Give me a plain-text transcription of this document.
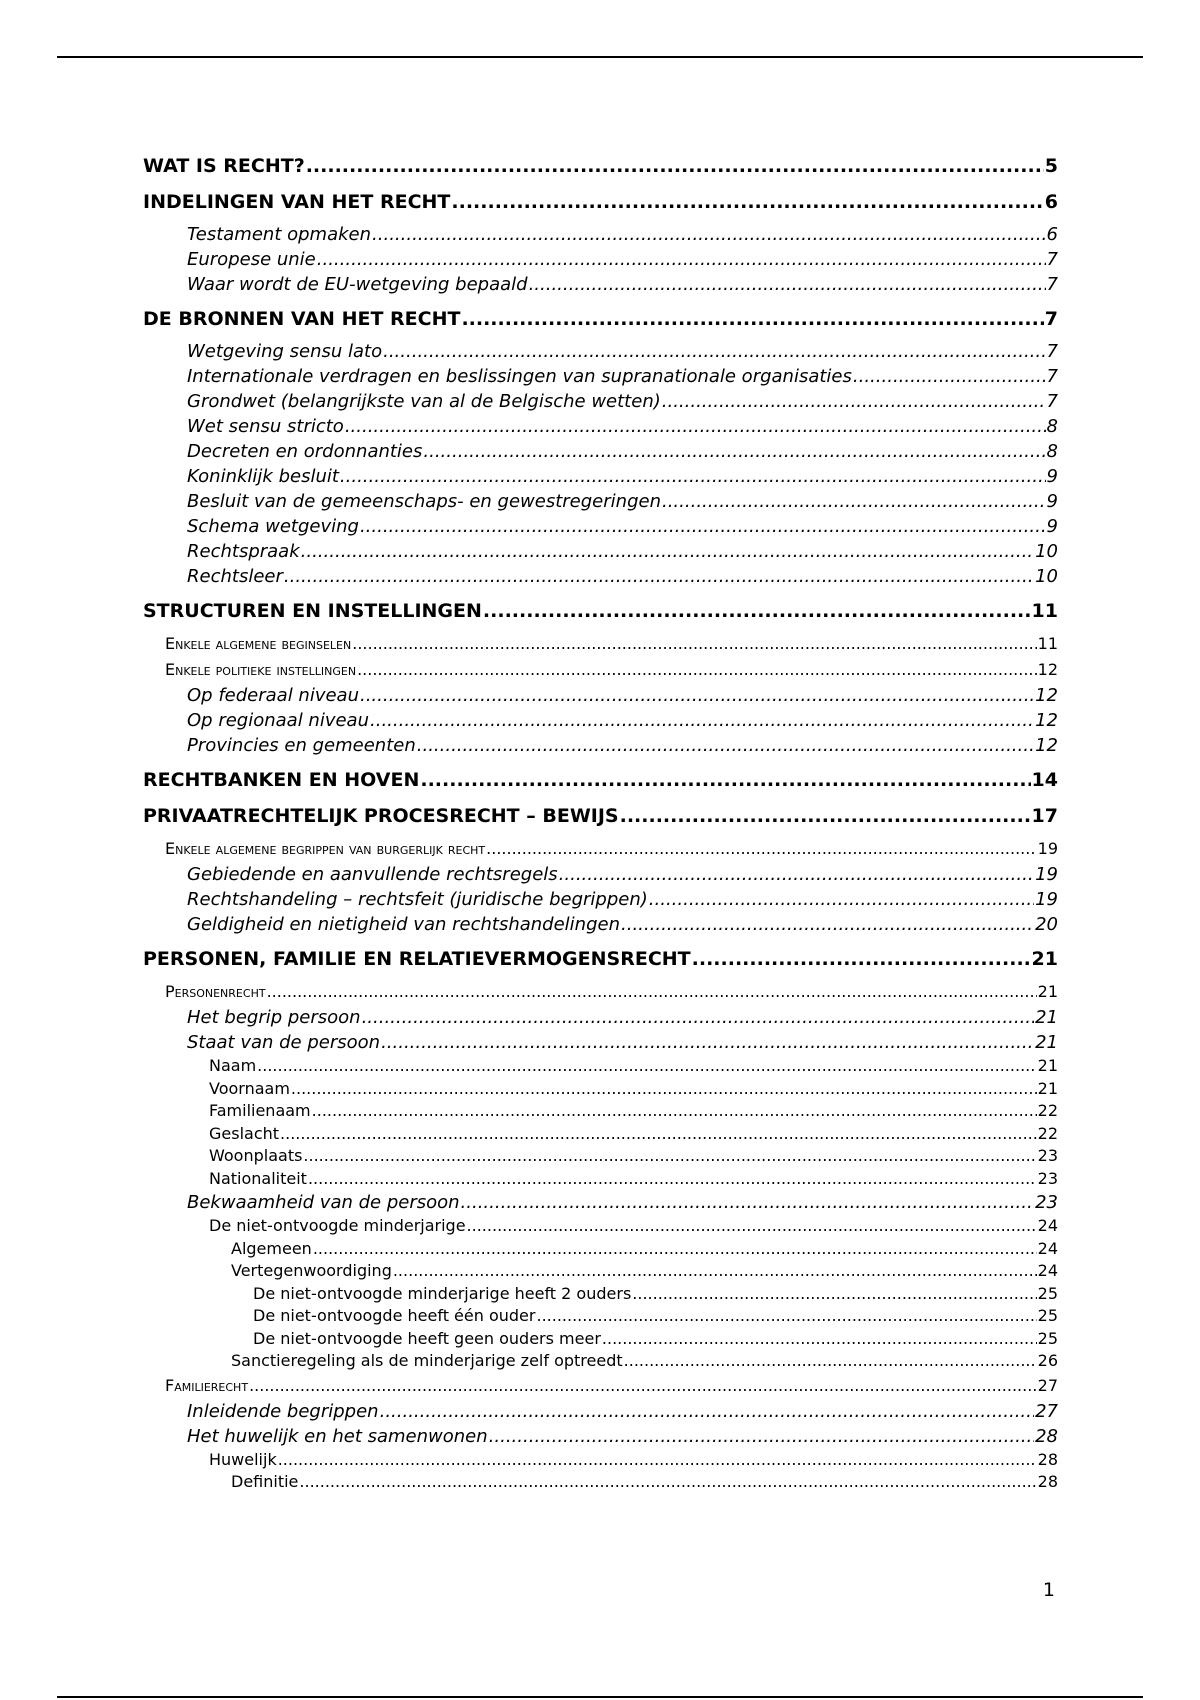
WAT IS RECHT? .....	5
INDELINGEN VAN HET RECHT .....	6
Testament opmaken .....	6
Europese unie .....	7
Waar wordt de EU-wetgeving bepaald .....	7
DE BRONNEN VAN HET RECHT .....	7
Wetgeving sensu lato .....	7
Internationale verdragen en beslissingen van supranationale organisaties .....	7
Grondwet (belangrijkste van al de Belgische wetten) .....	7
Wet sensu stricto .....	8
Decreten en ordonnanties .....	8
Koninklijk besluit .....	9
Besluit van de gemeenschaps- en gewestregeringen .....	9
Schema wetgeving .....	9
Rechtspraak .....	10
Rechtsleer .....	10
STRUCTUREN EN INSTELLINGEN .....	11
Enkele algemene beginselen .....	11
Enkele politieke instellingen .....	12
Op federaal niveau .....	12
Op regionaal niveau .....	12
Provincies en gemeenten .....	12
RECHTBANKEN EN HOVEN .....	14
PRIVAATRECHTELIJK PROCESRECHT – BEWIJS .....	17
Enkele algemene begrippen van burgerlijk recht .....	19
Gebiedende en aanvullende rechtsregels .....	19
Rechtshandeling – rechtsfeit (juridische begrippen) .....	19
Geldigheid en nietigheid van rechtshandelingen .....	20
PERSONEN, FAMILIE EN RELATIEVERMOGENSRECHT .....	21
Personenrecht .....	21
Het begrip persoon .....	21
Staat van de persoon .....	21
Naam .....	21
Voornaam .....	21
Familienaam .....	22
Geslacht .....	22
Woonplaats .....	23
Nationaliteit .....	23
Bekwaamheid van de persoon .....	23
De niet-ontvoogde minderjarige .....	24
Algemeen .....	24
Vertegenwoordiging .....	24
De niet-ontvoogde minderjarige heeft 2 ouders .....	25
De niet-ontvoogde heeft één ouder .....	25
De niet-ontvoogde heeft geen ouders meer .....	25
Sanctieregeling als de minderjarige zelf optreedt .....	26
Familierecht .....	27
Inleidende begrippen .....	27
Het huwelijk en het samenwonen .....	28
Huwelijk .....	28
Definitie .....	28
1
